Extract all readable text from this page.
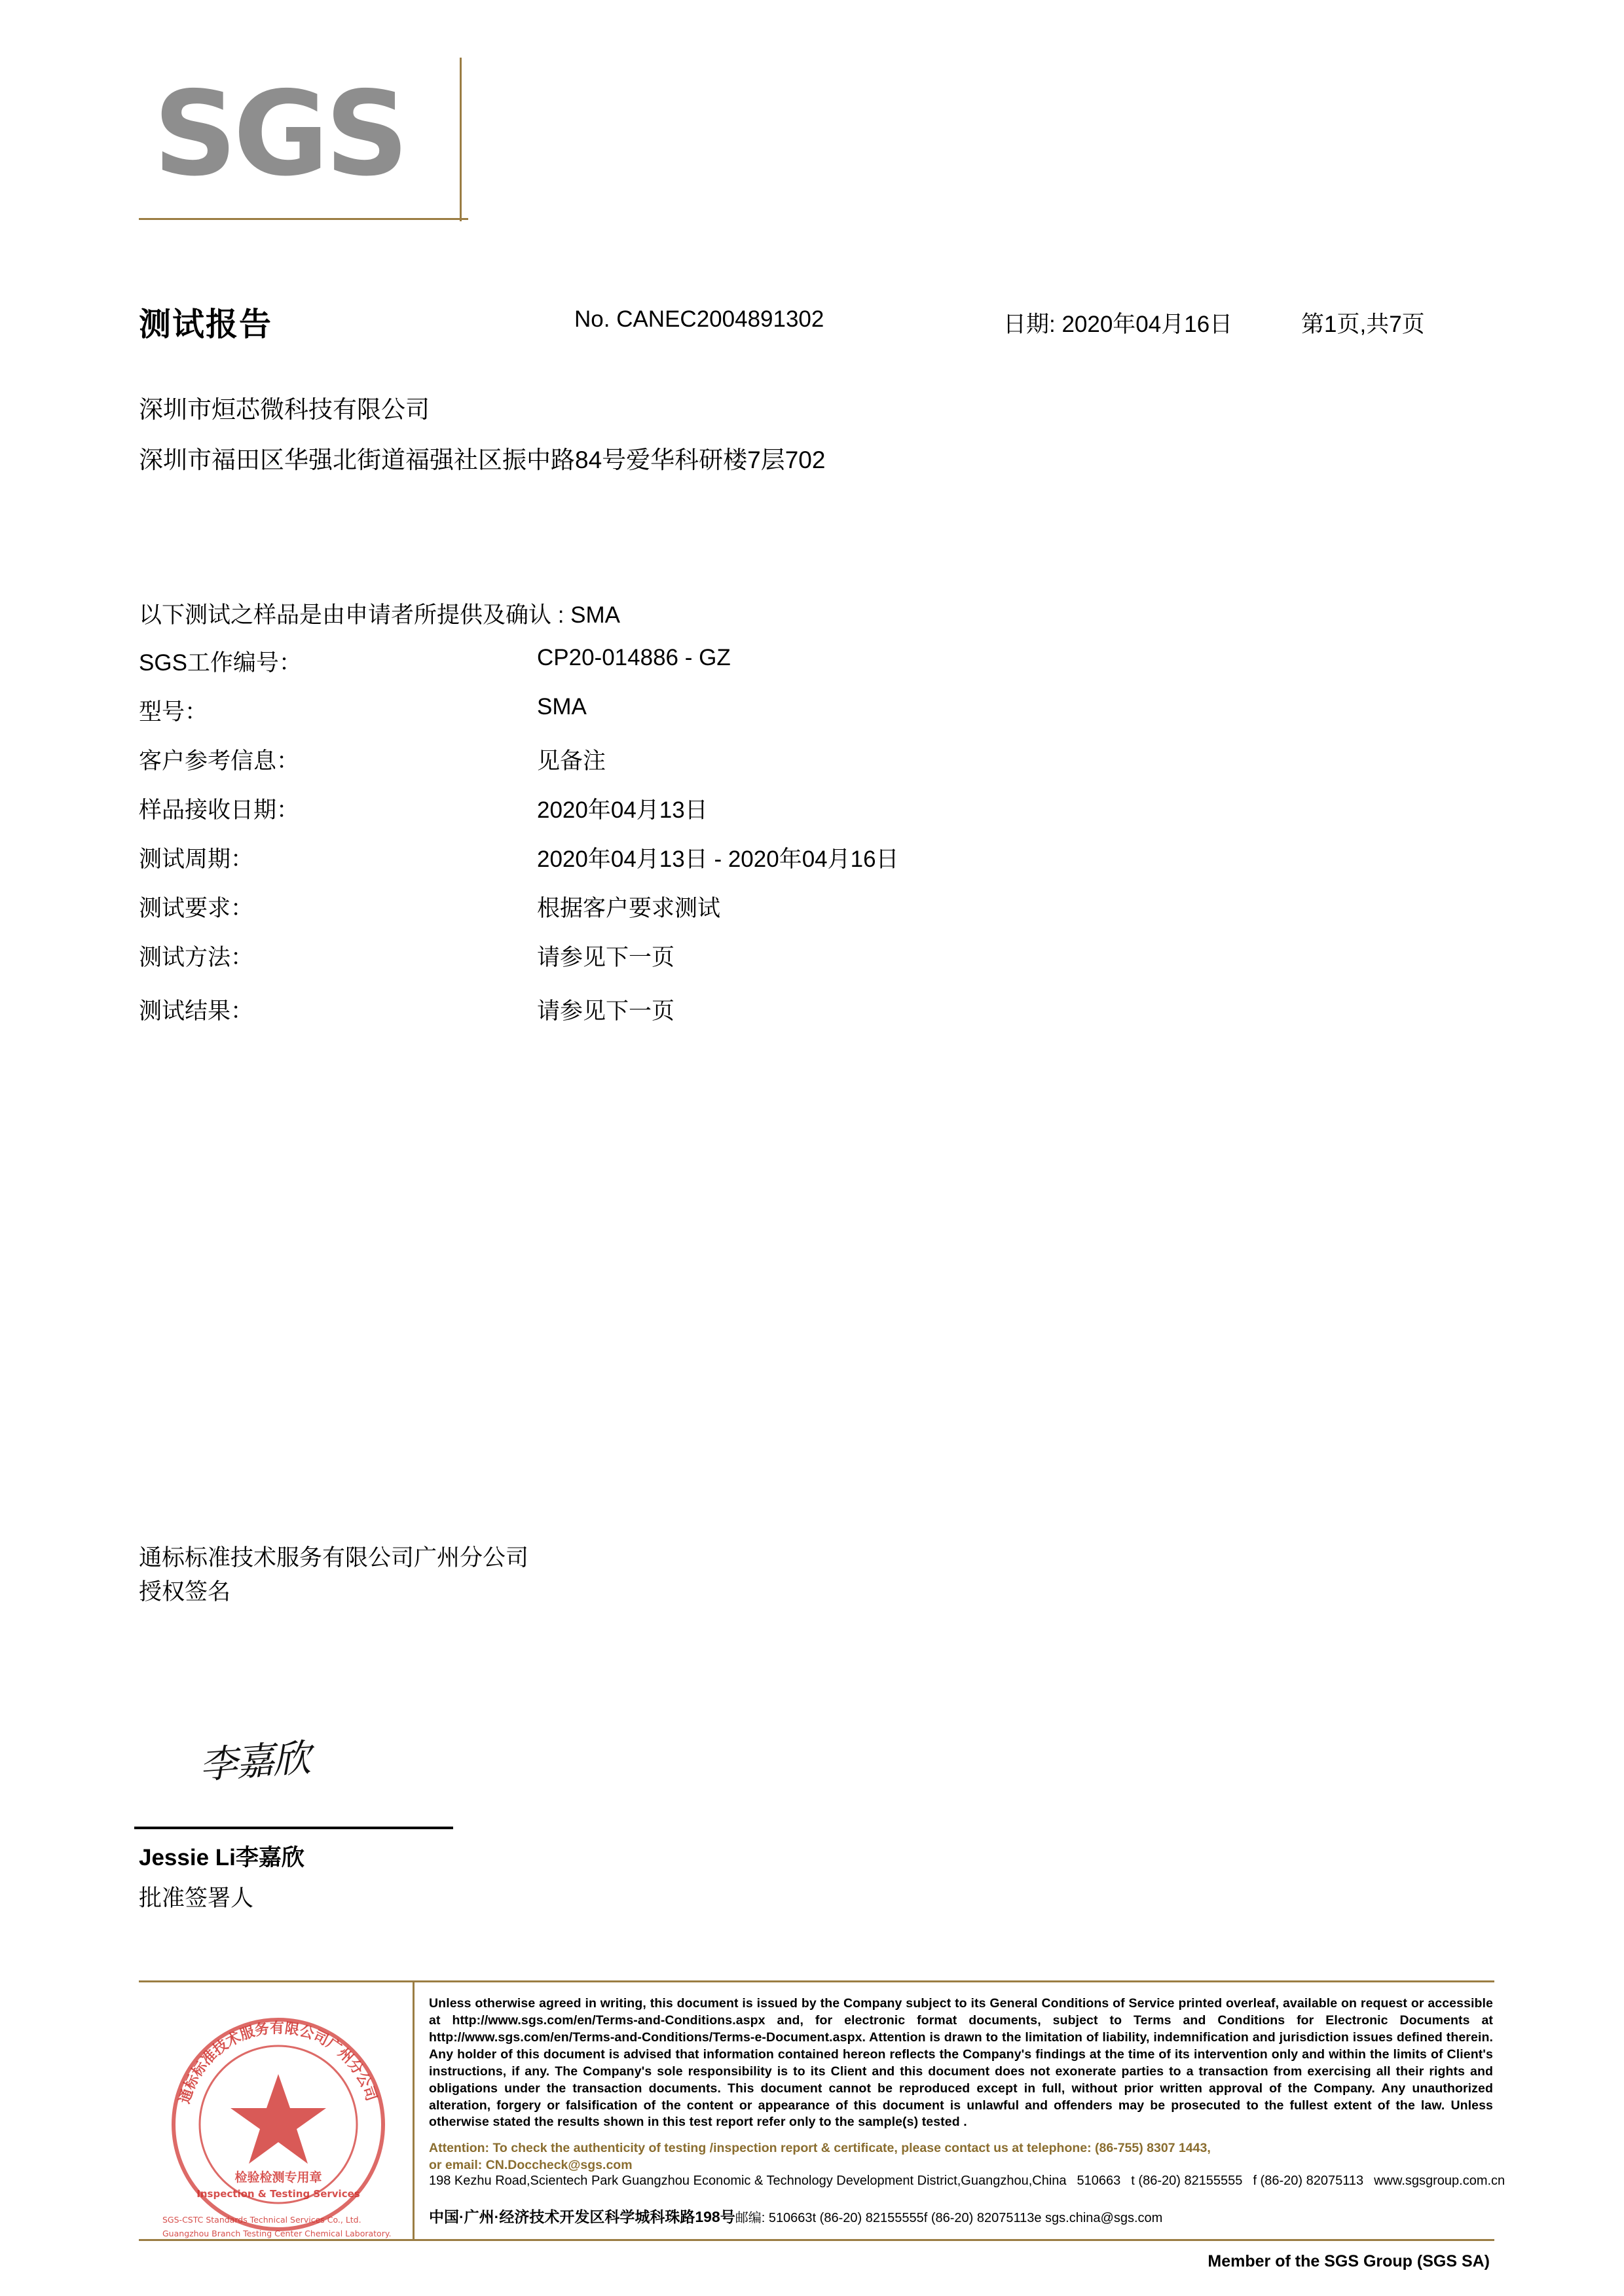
SGS
测试报告	No. CANEC2004891302	日期: 2020年04月16日	第1页,共7页
深圳市烜芯微科技有限公司
深圳市福田区华强北街道福强社区振中路84号爱华科研楼7层702
以下测试之样品是由申请者所提供及确认 : SMA
SGS工作编号：	CP20-014886 - GZ
型号：	SMA
客户参考信息：	见备注
样品接收日期：	2020年04月13日
测试周期：	2020年04月13日 - 2020年04月16日
测试要求：	根据客户要求测试
测试方法：	请参见下一页
测试结果：	请参见下一页
通标标准技术服务有限公司广州分公司
授权签名
李嘉欣
Jessie Li李嘉欣
批准签署人
通标标准技术服务有限公司广州分公司
检验检测专用章
Inspection & Testing Services
SGS-CSTC Standards Technical Services Co., Ltd.
Guangzhou Branch Testing Center Chemical Laboratory.
Unless otherwise agreed in writing, this document is issued by the Company subject to its General Conditions of Service printed overleaf, available on request or accessible at http://www.sgs.com/en/Terms-and-Conditions.aspx and, for electronic format documents, subject to Terms and Conditions for Electronic Documents at http://www.sgs.com/en/Terms-and-Conditions/Terms-e-Document.aspx. Attention is drawn to the limitation of liability, indemnification and jurisdiction issues defined therein. Any holder of this document is advised that information contained hereon reflects the Company's findings at the time of its intervention only and within the limits of Client's instructions, if any. The Company's sole responsibility is to its Client and this document does not exonerate parties to a transaction from exercising all their rights and obligations under the transaction documents. This document cannot be reproduced except in full, without prior written approval of the Company. Any unauthorized alteration, forgery or falsification of the content or appearance of this document is unlawful and offenders may be prosecuted to the fullest extent of the law. Unless otherwise stated the results shown in this test report refer only to the sample(s) tested .
Attention: To check the authenticity of testing /inspection report & certificate, please contact us at telephone: (86-755) 8307 1443,
or email: CN.Doccheck@sgs.com
198 Kezhu Road,Scientech Park Guangzhou Economic & Technology Development District,Guangzhou,China 510663 t (86-20) 82155555 f (86-20) 82075113 www.sgsgroup.com.cn
中国·广州·经济技术开发区科学城科珠路198号邮编: 510663t (86-20) 82155555f (86-20) 82075113e sgs.china@sgs.com
Member of the SGS Group (SGS SA)
